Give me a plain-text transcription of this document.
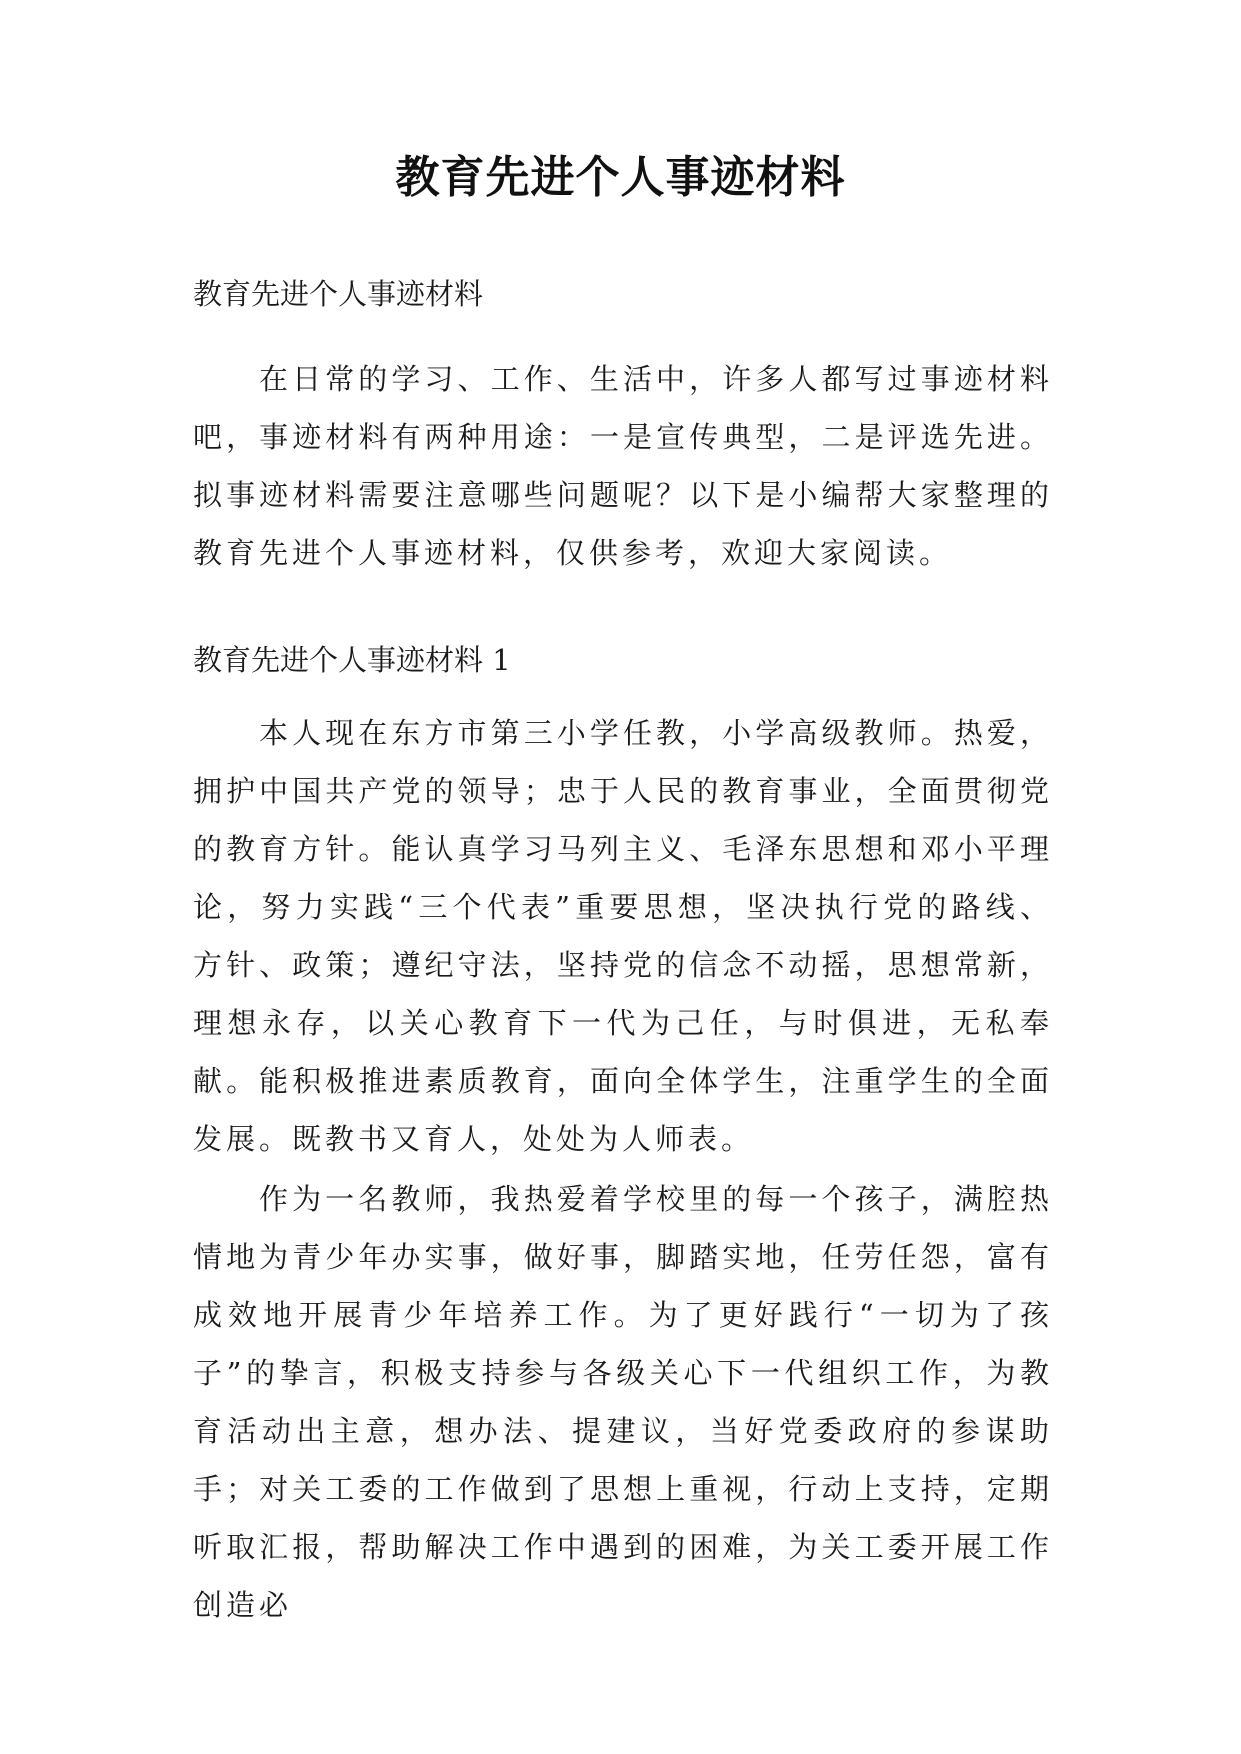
教育先进个人事迹材料
教育先进个人事迹材料

在日常的学习、工作、生活中，许多人都写过事迹材料吧，事迹材料有两种用途：一是宣传典型，二是评选先进。拟事迹材料需要注意哪些问题呢？以下是小编帮大家整理的教育先进个人事迹材料，仅供参考，欢迎大家阅读。

教育先进个人事迹材料 1

本人现在东方市第三小学任教，小学高级教师。热爱，拥护中国共产党的领导；忠于人民的教育事业，全面贯彻党的教育方针。能认真学习马列主义、毛泽东思想和邓小平理论，努力实践“三个代表”重要思想，坚决执行党的路线、方针、政策；遵纪守法，坚持党的信念不动摇，思想常新，理想永存，以关心教育下一代为己任，与时俱进，无私奉献。能积极推进素质教育，面向全体学生，注重学生的全面发展。既教书又育人，处处为人师表。

作为一名教师，我热爱着学校里的每一个孩子，满腔热情地为青少年办实事，做好事，脚踏实地，任劳任怨，富有成效地开展青少年培养工作。为了更好践行“一切为了孩子”的挚言，积极支持参与各级关心下一代组织工作，为教育活动出主意，想办法、提建议，当好党委政府的参谋助手；对关工委的工作做到了思想上重视，行动上支持，定期听取汇报，帮助解决工作中遇到的困难，为关工委开展工作创造必
